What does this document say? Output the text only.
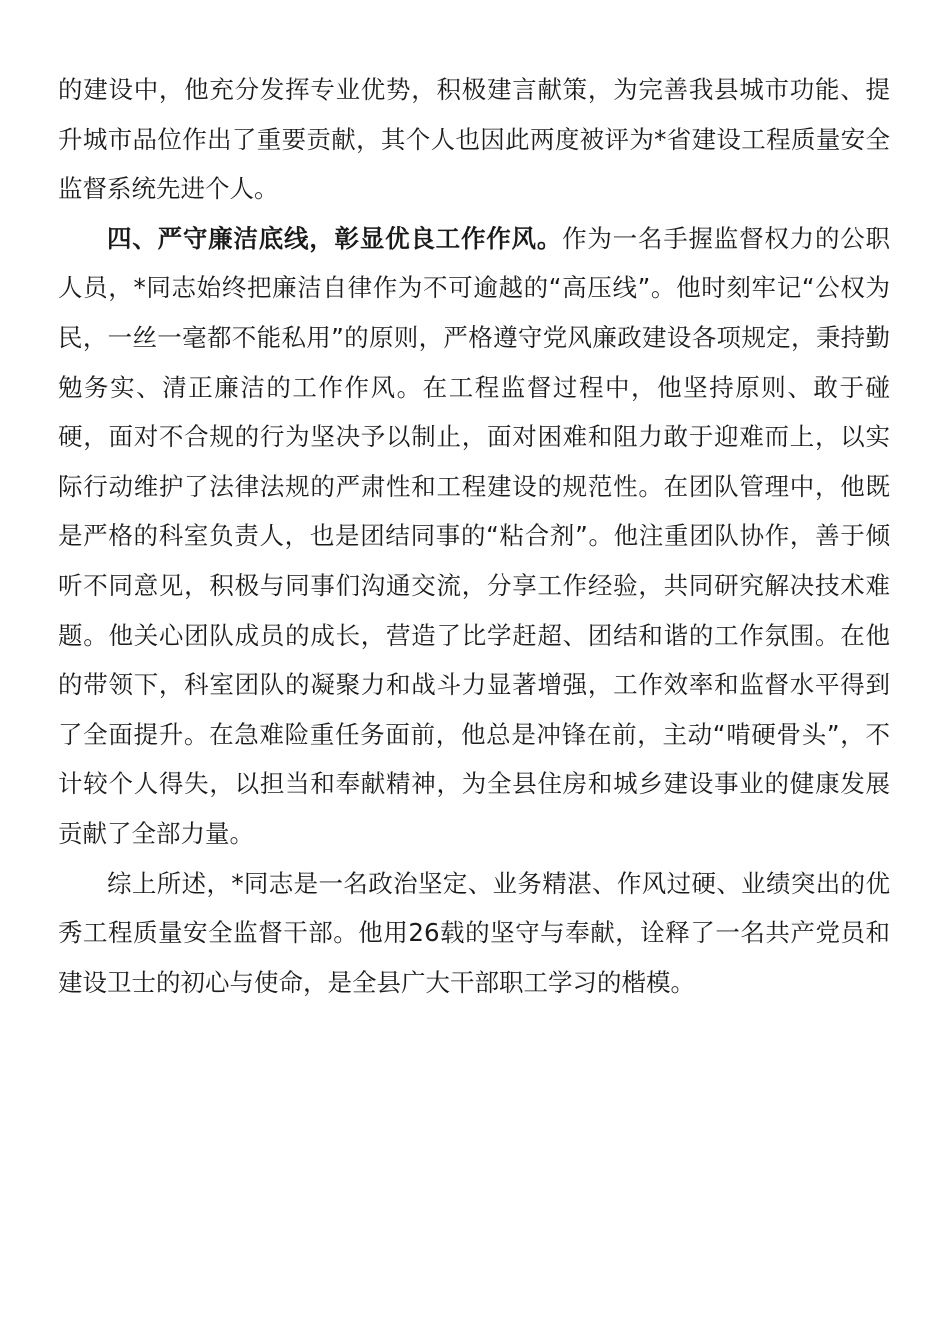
的建设中，他充分发挥专业优势，积极建言献策，为完善我县城市功能、提升城市品位作出了重要贡献，其个人也因此两度被评为*省建设工程质量安全监督系统先进个人。

四、严守廉洁底线，彰显优良工作作风。作为一名手握监督权力的公职人员，*同志始终把廉洁自律作为不可逾越的“高压线”。他时刻牢记“公权为民，一丝一毫都不能私用”的原则，严格遵守党风廉政建设各项规定，秉持勤勉务实、清正廉洁的工作作风。在工程监督过程中，他坚持原则、敢于碰硬，面对不合规的行为坚决予以制止，面对困难和阻力敢于迎难而上，以实际行动维护了法律法规的严肃性和工程建设的规范性。在团队管理中，他既是严格的科室负责人，也是团结同事的“粘合剂”。他注重团队协作，善于倾听不同意见，积极与同事们沟通交流，分享工作经验，共同研究解决技术难题。他关心团队成员的成长，营造了比学赶超、团结和谐的工作氛围。在他的带领下，科室团队的凝聚力和战斗力显著增强，工作效率和监督水平得到了全面提升。在急难险重任务面前，他总是冲锋在前，主动“啃硬骨头”，不计较个人得失，以担当和奉献精神，为全县住房和城乡建设事业的健康发展贡献了全部力量。

综上所述，*同志是一名政治坚定、业务精湛、作风过硬、业绩突出的优秀工程质量安全监督干部。他用26载的坚守与奉献，诠释了一名共产党员和建设卫士的初心与使命，是全县广大干部职工学习的楷模。
